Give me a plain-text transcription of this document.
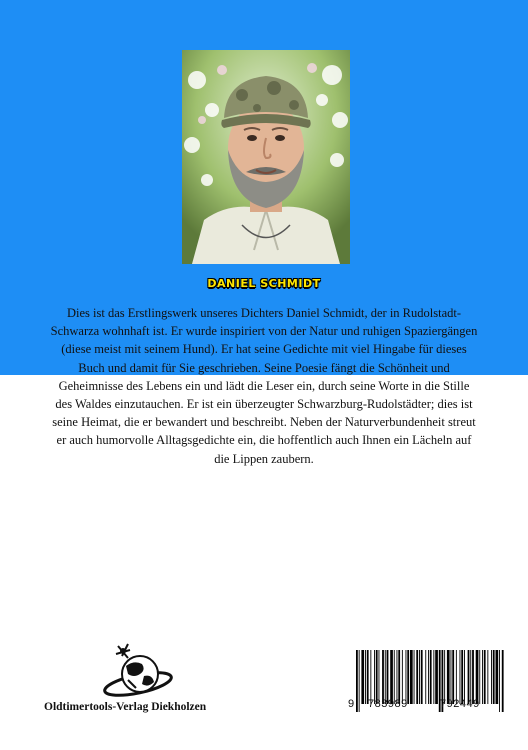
DANIEL SCHMIDT

Dies ist das Erstlingswerk unseres Dichters Daniel Schmidt, der in Rudolstadt-Schwarza wohnhaft ist. Er wurde inspiriert von der Natur und ruhigen Spaziergängen (diese meist mit seinem Hund). Er hat seine Gedichte mit viel Hingabe für dieses Buch und damit für Sie geschrieben. Seine Poesie fängt die Schönheit und Geheimnisse des Lebens ein und lädt die Leser ein, durch seine Worte in die Stille des Waldes einzutauchen. Er ist ein überzeugter Schwarzburg-Rudolstädter; dies ist seine Heimat, die er bewandert und beschreibt. Neben der Naturverbundenheit streut er auch humorvolle Alltagsgedichte ein, die hoffentlich auch Ihnen ein Lächeln auf die Lippen zaubern.

Oldtimertools-Verlag Diekholzen	9 783989	792449
